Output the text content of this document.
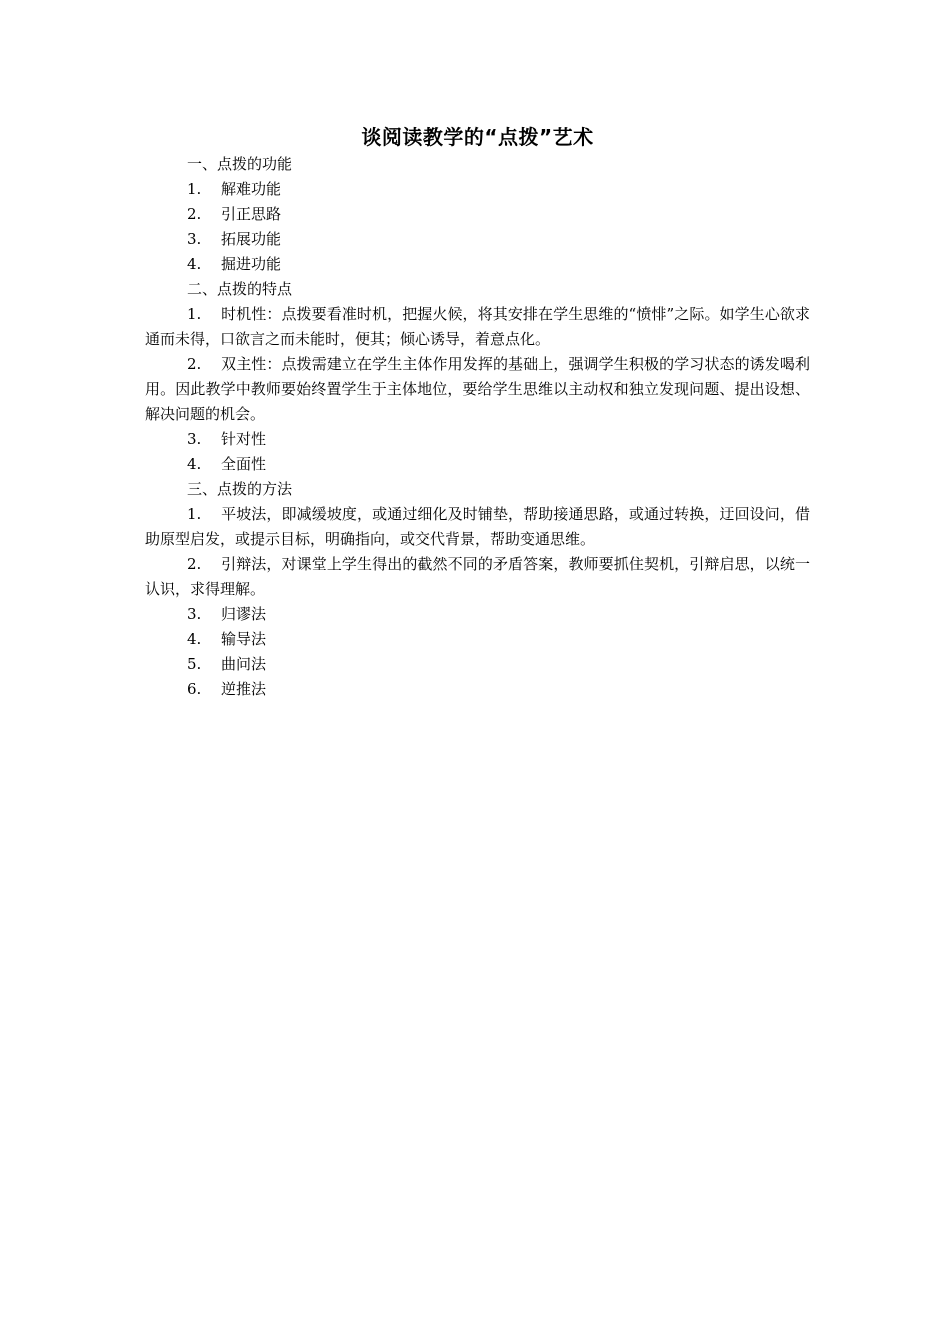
谈阅读教学的“点拨”艺术

一、点拨的功能

1.	解难功能

2.	引正思路

3.	拓展功能

4.	掘进功能

二、点拨的特点

1. 时机性：点拨要看准时机，把握火候，将其安排在学生思维的“愤悱”之际。如学生心欲求通而未得，口欲言之而未能时，便其；倾心诱导，着意点化。

2. 双主性：点拨需建立在学生主体作用发挥的基础上，强调学生积极的学习状态的诱发喝利用。因此教学中教师要始终置学生于主体地位，要给学生思维以主动权和独立发现问题、提出设想、解决问题的机会。

3.	针对性

4.	全面性

三、点拨的方法

1. 平坡法，即减缓坡度，或通过细化及时铺垫，帮助接通思路，或通过转换，迂回设问，借助原型启发，或提示目标，明确指向，或交代背景，帮助变通思维。

2. 引辩法，对课堂上学生得出的截然不同的矛盾答案，教师要抓住契机，引辩启思，以统一认识，求得理解。

3.	归谬法

4.	输导法

5.	曲问法

6.	逆推法
